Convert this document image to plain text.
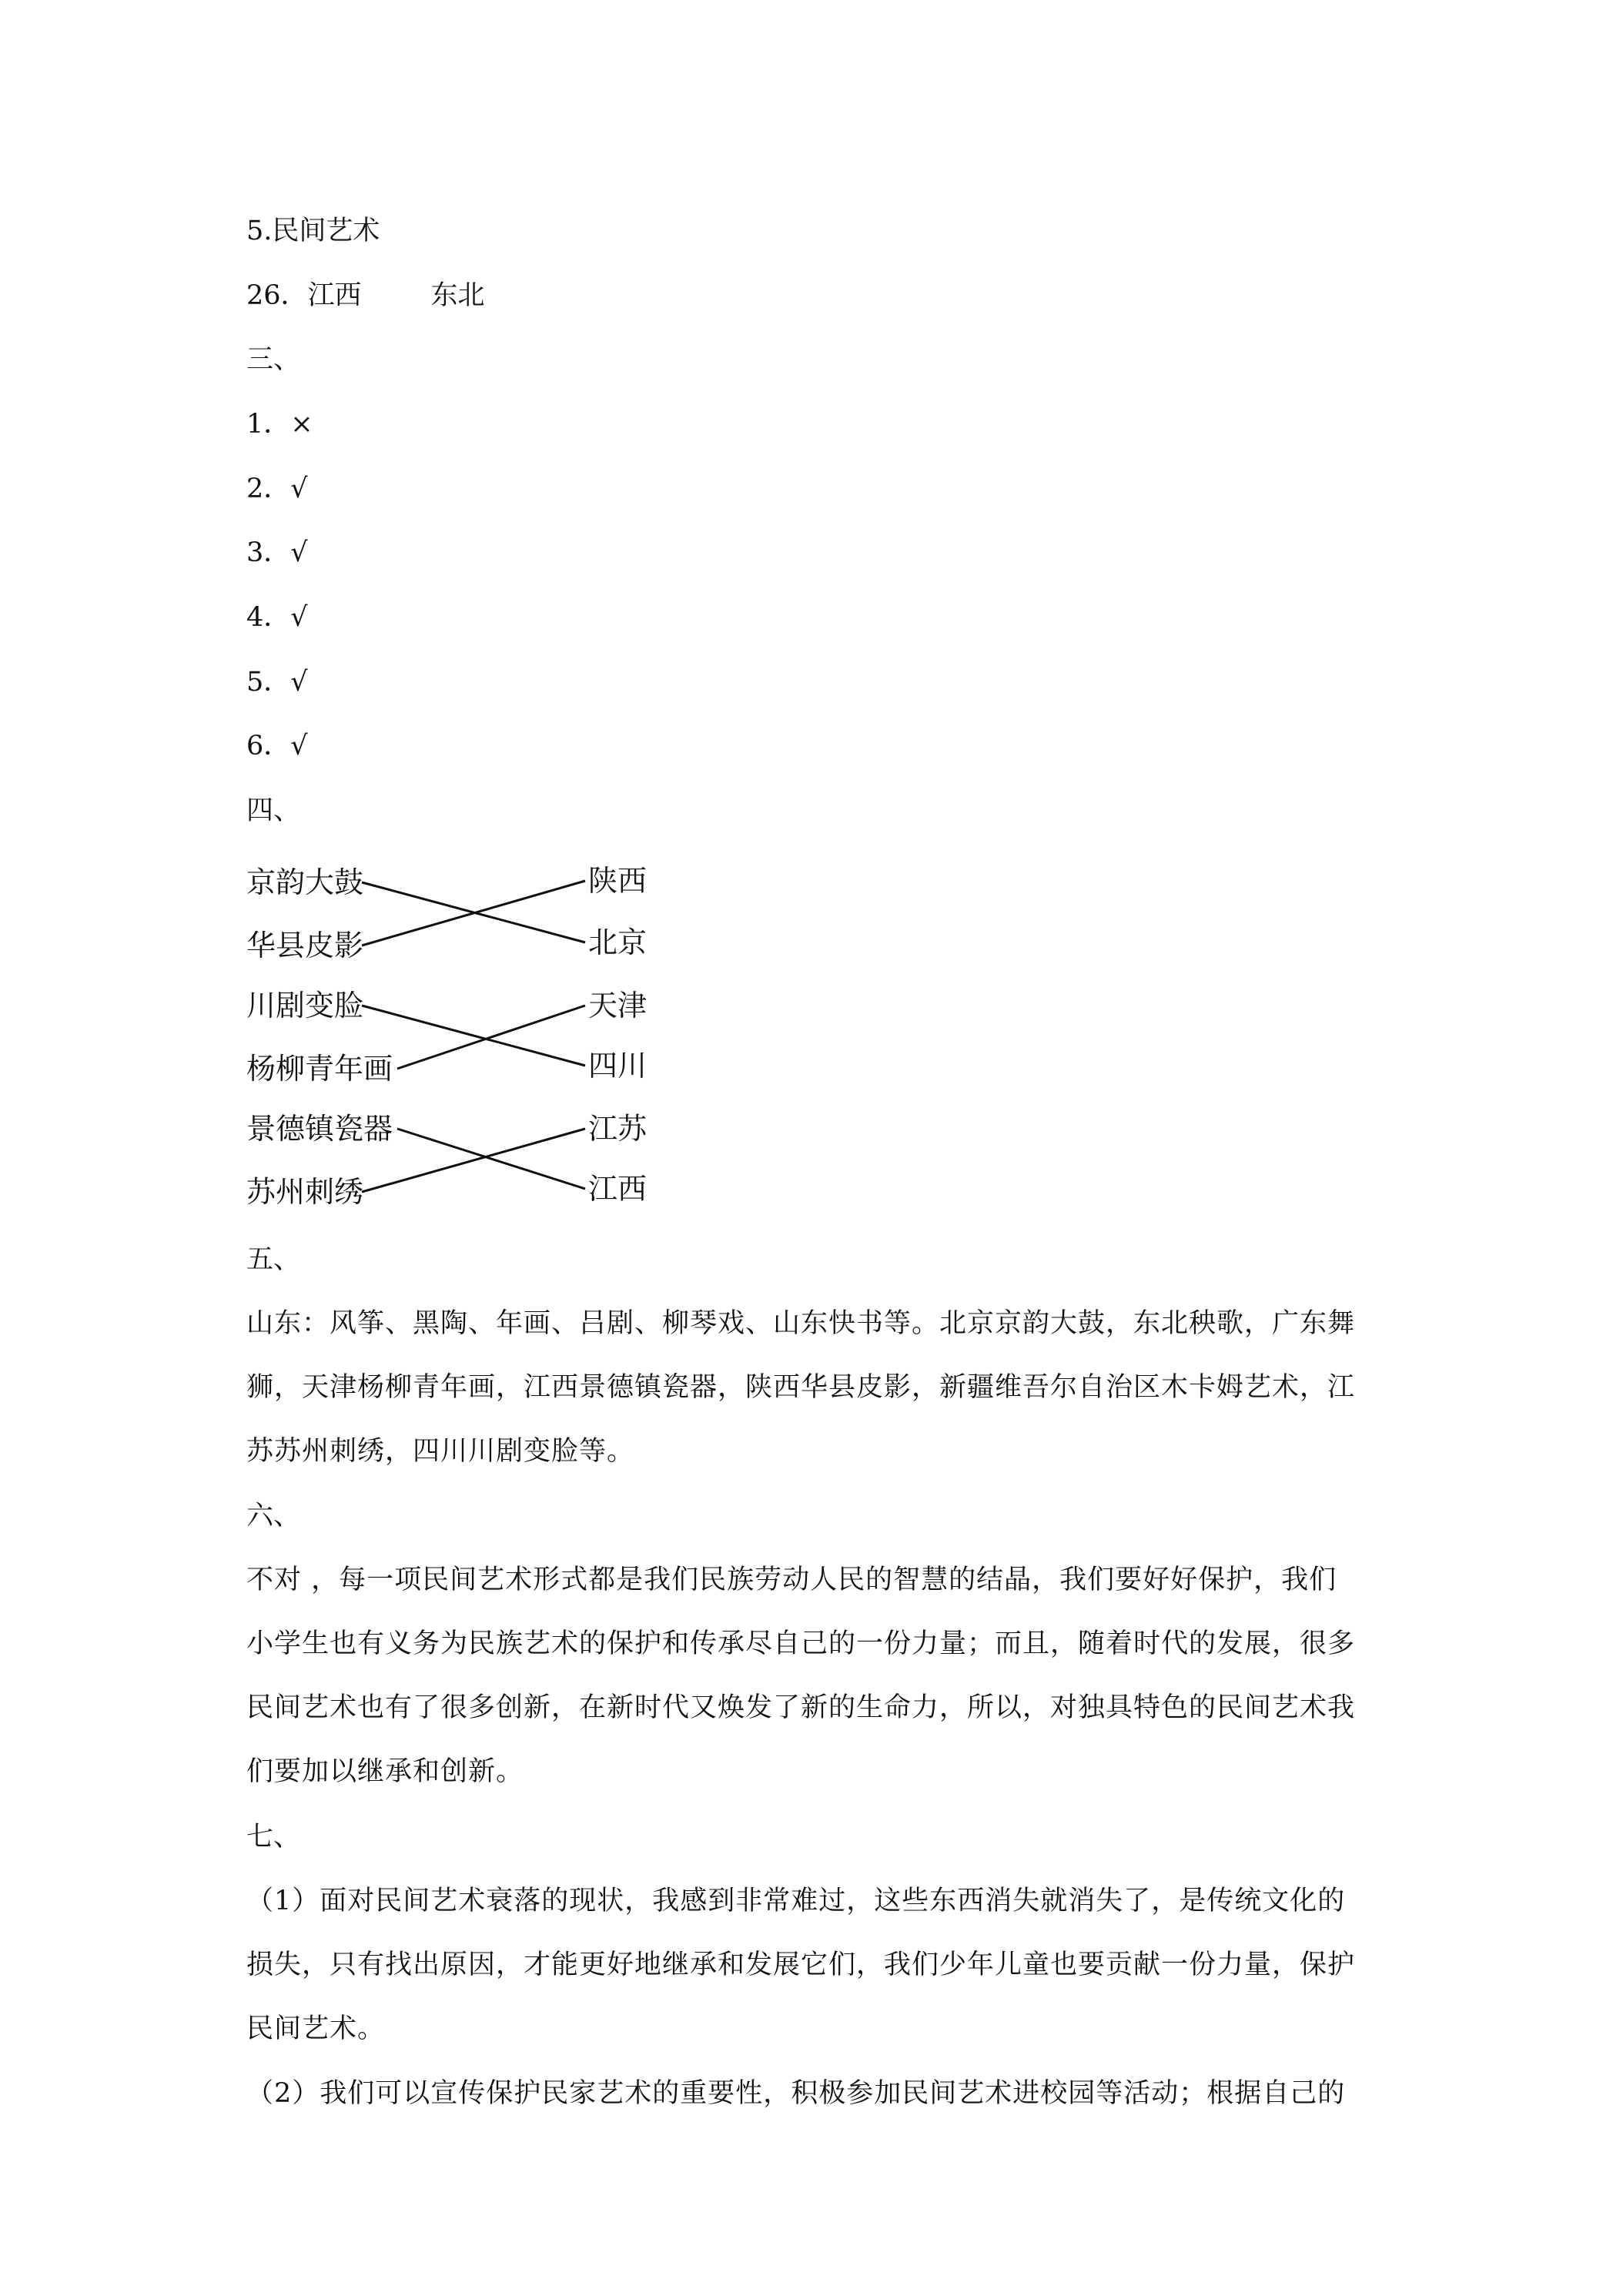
5.民间艺术
26．江西	东北
三、
1．×
2．√
3．√
4．√
5．√
6．√
四、
京韵大鼓
华县皮影
川剧变脸
杨柳青年画
景德镇瓷器
苏州刺绣
陕西
北京
天津
四川
江苏
江西
五、
山东：风筝、黑陶、年画、吕剧、柳琴戏、山东快书等。北京京韵大鼓，东北秧歌，广东舞
狮，天津杨柳青年画，江西景德镇瓷器，陕西华县皮影，新疆维吾尔自治区木卡姆艺术，江
苏苏州刺绣，四川川剧变脸等。
六、
不对 ，每一项民间艺术形式都是我们民族劳动人民的智慧的结晶，我们要好好保护，我们
小学生也有义务为民族艺术的保护和传承尽自己的一份力量；而且，随着时代的发展，很多
民间艺术也有了很多创新，在新时代又焕发了新的生命力，所以，对独具特色的民间艺术我
们要加以继承和创新。
七、
（1）面对民间艺术衰落的现状，我感到非常难过，这些东西消失就消失了，是传统文化的
损失，只有找出原因，才能更好地继承和发展它们，我们少年儿童也要贡献一份力量，保护
民间艺术。
（2）我们可以宣传保护民家艺术的重要性，积极参加民间艺术进校园等活动；根据自己的
